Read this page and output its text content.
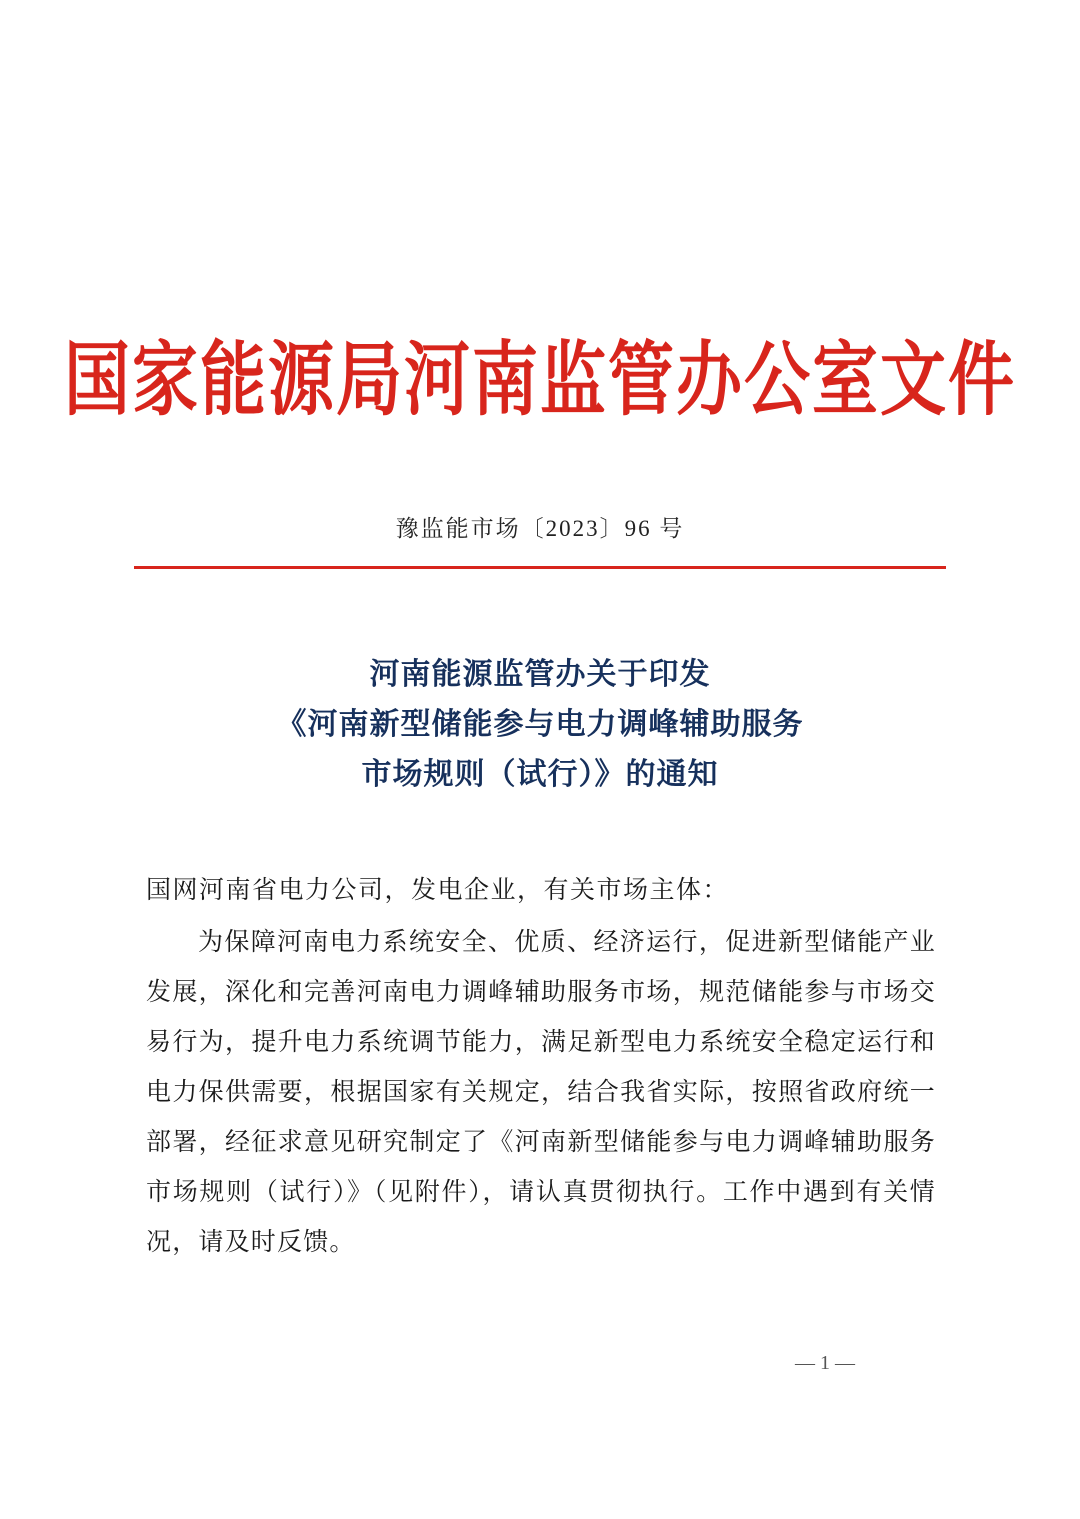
国家能源局河南监管办公室文件
豫监能市场〔2023〕96 号
河南能源监管办关于印发
《河南新型储能参与电力调峰辅助服务
市场规则（试行）》的通知
国网河南省电力公司，发电企业，有关市场主体：
为保障河南电力系统安全、优质、经济运行，促进新型储能产业发展，深化和完善河南电力调峰辅助服务市场，规范储能参与市场交易行为，提升电力系统调节能力，满足新型电力系统安全稳定运行和电力保供需要，根据国家有关规定，结合我省实际，按照省政府统一部署，经征求意见研究制定了《河南新型储能参与电力调峰辅助服务市场规则（试行）》（见附件），请认真贯彻执行。工作中遇到有关情况，请及时反馈。
— 1 —
